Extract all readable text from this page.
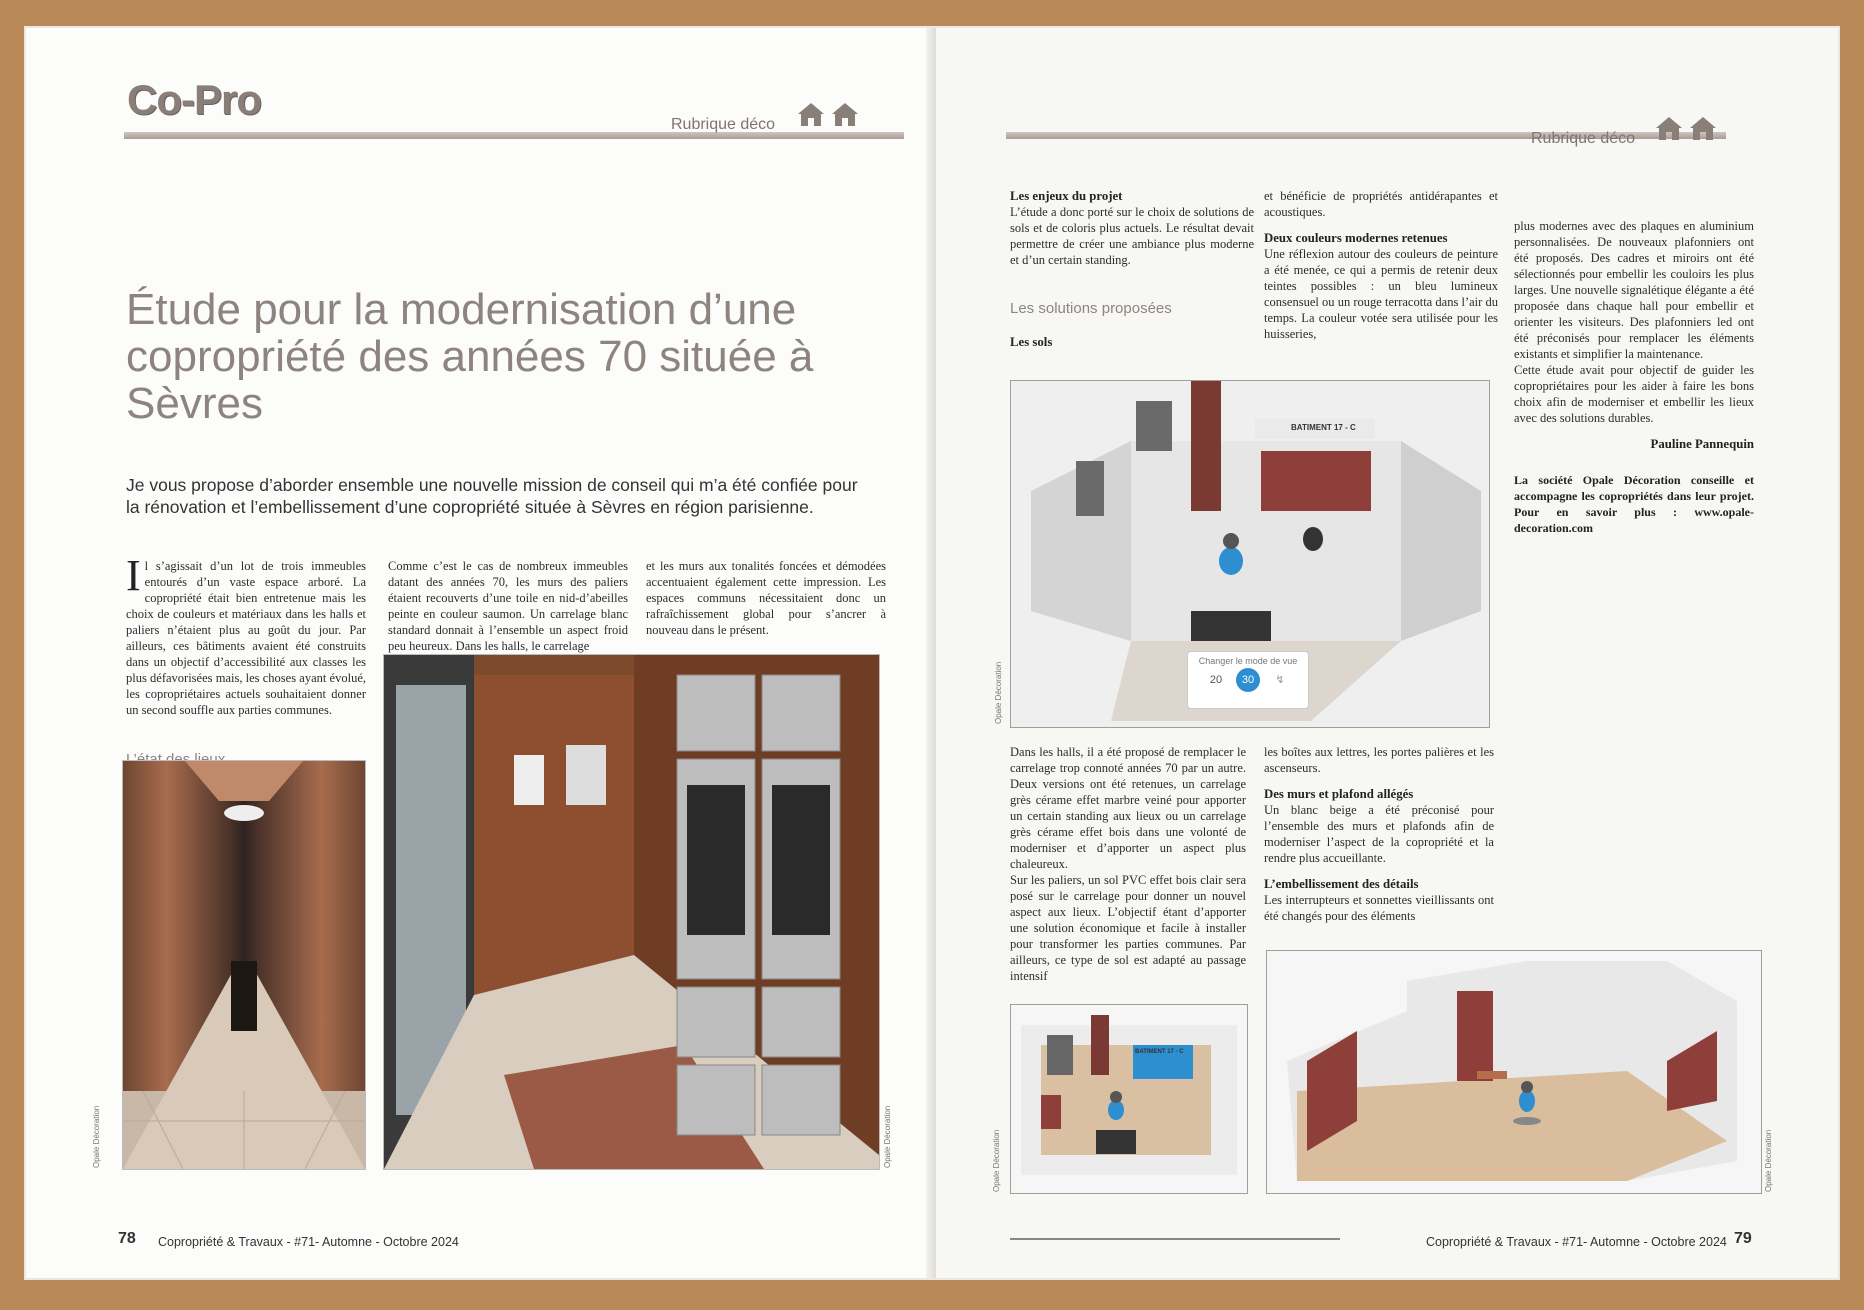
Co-Pro
Rubrique déco
Étude pour la modernisation d’une copropriété des années 70 située à Sèvres
Je vous propose d’aborder ensemble une nouvelle mission de conseil qui m’a été confiée pour la rénovation et l’embellissement d’une copropriété située à Sèvres en région parisienne.
Il s’agissait d’un lot de trois immeubles entourés d’un vaste espace arboré. La copropriété était bien entretenue mais les choix de couleurs et matériaux dans les halls et paliers n’étaient plus au goût du jour. Par ailleurs, ces bâtiments avaient été construits dans un objectif d’accessibilité aux classes les plus défavorisées mais, les choses ayant évolué, les copropriétaires actuels souhaitaient donner un second souffle aux parties communes.
Comme c’est le cas de nombreux immeubles datant des années 70, les murs des paliers étaient recouverts d’une toile en nid-d’abeilles peinte en couleur saumon. Un carrelage blanc standard donnait à l’ensemble un aspect froid peu heureux. Dans les halls, le carrelage
et les murs aux tonalités foncées et démodées accentuaient également cette impression. Les espaces communs nécessitaient donc un rafraîchissement global pour s’ancrer à nouveau dans le présent.
Opale Décoration	Opale Décoration
78 Copropriété & Travaux - #71- Automne - Octobre 2024
Rubrique déco
Les enjeux du projet
L’étude a donc porté sur le choix de solutions de sols et de coloris plus actuels. Le résultat devait permettre de créer une ambiance plus moderne et d’un certain standing.
Les solutions proposées
Les sols
et bénéficie de propriétés antidérapantes et acoustiques.
Deux couleurs modernes retenues
Une réflexion autour des couleurs de peinture a été menée, ce qui a permis de retenir deux teintes possibles : un bleu lumineux consensuel ou un rouge terracotta dans l’air du temps. La couleur votée sera utilisée pour les huisseries,
plus modernes avec des plaques en aluminium personnalisées. De nouveaux plafonniers ont été proposés. Des cadres et miroirs ont été sélectionnés pour embellir les couloirs les plus larges. Une nouvelle signalétique élégante a été proposée dans chaque hall pour embellir et orienter les visiteurs. Des plafonniers led ont été préconisés pour remplacer les éléments existants et simplifier la maintenance.
Cette étude avait pour objectif de guider les copropriétaires pour les aider à faire les bons choix afin de moderniser et embellir les lieux avec des solutions durables.
Pauline Pannequin
La société Opale Décoration conseille et accompagne les copropriétés dans leur projet. Pour en savoir plus : www.opale-decoration.com
BATIMENT 17 - C
Changer le mode de vue
20 30 ↯
Opale Décoration
Dans les halls, il a été proposé de remplacer le carrelage trop connoté années 70 par un autre. Deux versions ont été retenues, un carrelage grès cérame effet marbre veiné pour apporter un certain standing aux lieux ou un carrelage grès cérame effet bois dans une volonté de moderniser et d’apporter un aspect plus chaleureux.
Sur les paliers, un sol PVC effet bois clair sera posé sur le carrelage pour donner un nouvel aspect aux lieux. L’objectif étant d’apporter une solution économique et facile à installer pour transformer les parties communes. Par ailleurs, ce type de sol est adapté au passage intensif
les boîtes aux lettres, les portes palières et les ascenseurs.
Des murs et plafond allégés
Un blanc beige a été préconisé pour l’ensemble des murs et plafonds afin de moderniser l’aspect de la copropriété et la rendre plus accueillante.
L’embellissement des détails
Les interrupteurs et sonnettes vieillissants ont été changés pour des éléments
BATIMENT 17 - C
Opale Décoration	Opale Décoration
Copropriété & Travaux - #71- Automne - Octobre 2024 79
